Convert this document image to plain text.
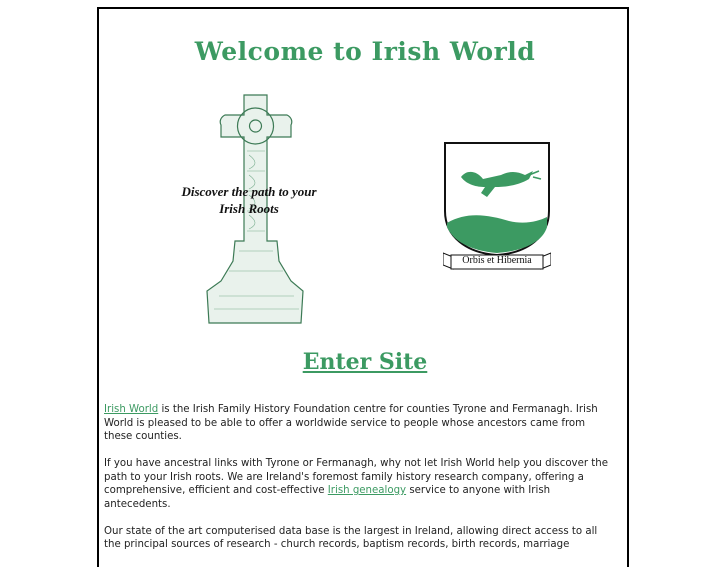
Welcome to Irish World
Discover the path to your
Irish Roots
Orbis et Hibernia
Enter Site

Irish World is the Irish Family History Foundation centre for counties Tyrone and Fermanagh. Irish World is pleased to be able to offer a worldwide service to people whose ancestors came from these counties.

If you have ancestral links with Tyrone or Fermanagh, why not let Irish World help you discover the path to your Irish roots. We are Ireland's foremost family history research company, offering a comprehensive, efficient and cost-effective Irish genealogy service to anyone with Irish antecedents.

Our state of the art computerised data base is the largest in Ireland, allowing direct access to all the principal sources of research - church records, baptism records, birth records, marriage
